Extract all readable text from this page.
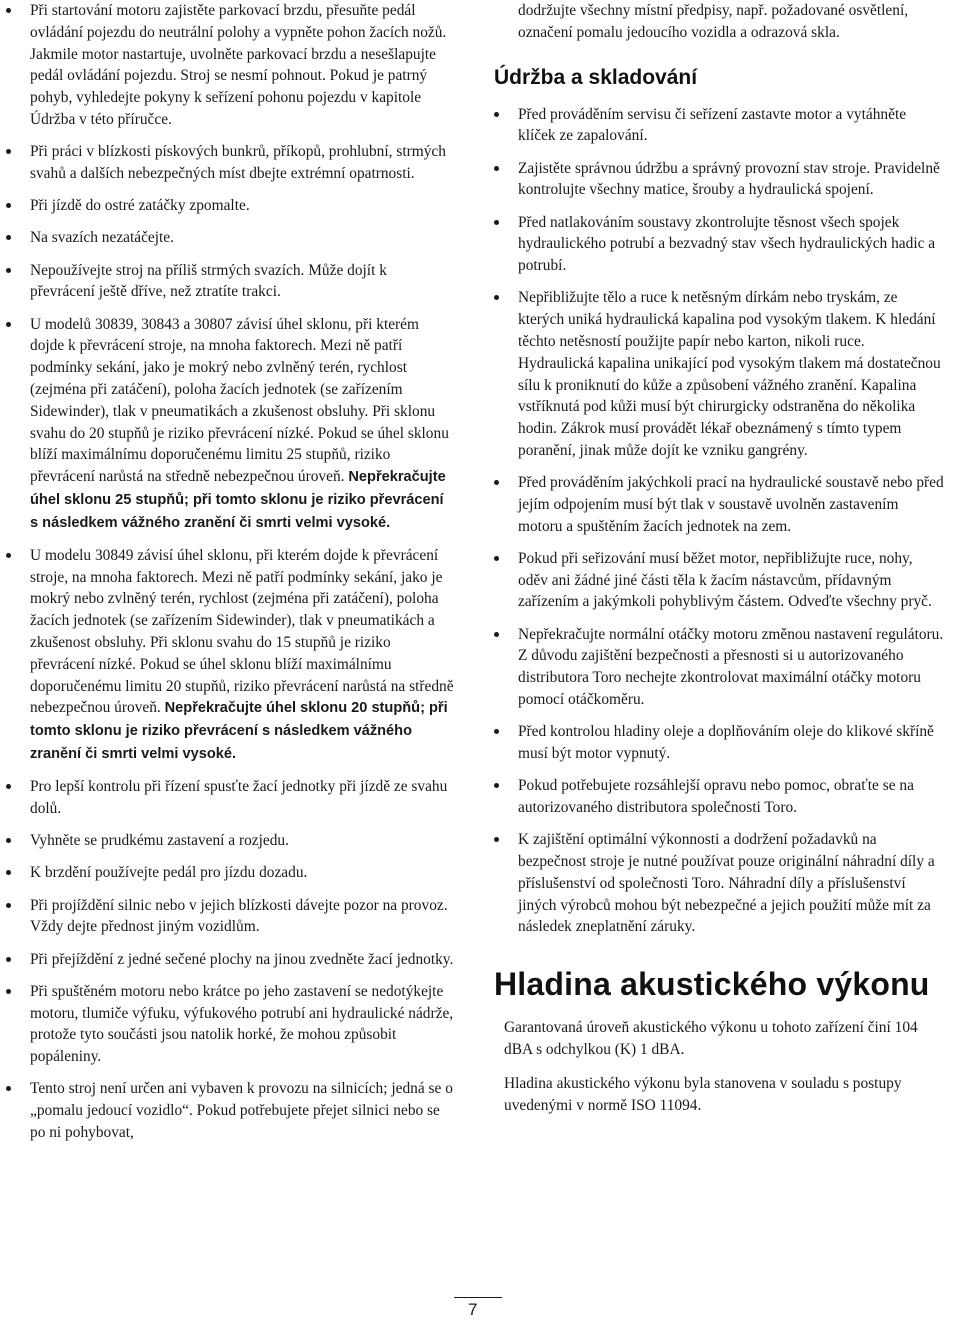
Při startování motoru zajistěte parkovací brzdu, přesuňte pedál ovládání pojezdu do neutrální polohy a vypněte pohon žacích nožů. Jakmile motor nastartuje, uvolněte parkovací brzdu a nesešlapujte pedál ovládání pojezdu. Stroj se nesmí pohnout. Pokud je patrný pohyb, vyhledejte pokyny k seřízení pohonu pojezdu v kapitole Údržba v této příručce.
Při práci v blízkosti pískových bunkrů, příkopů, prohlubní, strmých svahů a dalších nebezpečných míst dbejte extrémní opatrnosti.
Při jízdě do ostré zatáčky zpomalte.
Na svazích nezatáčejte.
Nepoužívejte stroj na příliš strmých svazích. Může dojít k převrácení ještě dříve, než ztratíte trakci.
U modelů 30839, 30843 a 30807 závisí úhel sklonu, při kterém dojde k převrácení stroje, na mnoha faktorech. Mezi ně patří podmínky sekání, jako je mokrý nebo zvlněný terén, rychlost (zejména při zatáčení), poloha žacích jednotek (se zařízením Sidewinder), tlak v pneumatikách a zkušenost obsluhy. Při sklonu svahu do 20 stupňů je riziko převrácení nízké. Pokud se úhel sklonu blíží maximálnímu doporučenému limitu 25 stupňů, riziko převrácení narůstá na středně nebezpečnou úroveň. Nepřekračujte úhel sklonu 25 stupňů; při tomto sklonu je riziko převrácení s následkem vážného zranění či smrti velmi vysoké.
U modelu 30849 závisí úhel sklonu, při kterém dojde k převrácení stroje, na mnoha faktorech. Mezi ně patří podmínky sekání, jako je mokrý nebo zvlněný terén, rychlost (zejména při zatáčení), poloha žacích jednotek (se zařízením Sidewinder), tlak v pneumatikách a zkušenost obsluhy. Při sklonu svahu do 15 stupňů je riziko převrácení nízké. Pokud se úhel sklonu blíží maximálnímu doporučenému limitu 20 stupňů, riziko převrácení narůstá na středně nebezpečnou úroveň. Nepřekračujte úhel sklonu 20 stupňů; při tomto sklonu je riziko převrácení s následkem vážného zranění či smrti velmi vysoké.
Pro lepší kontrolu při řízení spusťte žací jednotky při jízdě ze svahu dolů.
Vyhněte se prudkému zastavení a rozjedu.
K brzdění používejte pedál pro jízdu dozadu.
Při projíždění silnic nebo v jejich blízkosti dávejte pozor na provoz. Vždy dejte přednost jiným vozidlům.
Při přejíždění z jedné sečené plochy na jinou zvedněte žací jednotky.
Při spuštěném motoru nebo krátce po jeho zastavení se nedotýkejte motoru, tlumiče výfuku, výfukového potrubí ani hydraulické nádrže, protože tyto součásti jsou natolik horké, že mohou způsobit popáleniny.
Tento stroj není určen ani vybaven k provozu na silnicích; jedná se o „pomalu jedoucí vozidlo“. Pokud potřebujete přejet silnici nebo se po ni pohybovat,

dodržujte všechny místní předpisy, např. požadované osvětlení, označení pomalu jedoucího vozidla a odrazová skla.

Údržba a skladování
Před prováděním servisu či seřízení zastavte motor a vytáhněte klíček ze zapalování.
Zajistěte správnou údržbu a správný provozní stav stroje. Pravidelně kontrolujte všechny matice, šrouby a hydraulická spojení.
Před natlakováním soustavy zkontrolujte těsnost všech spojek hydraulického potrubí a bezvadný stav všech hydraulických hadic a potrubí.
Nepřibližujte tělo a ruce k netěsným dírkám nebo tryskám, ze kterých uniká hydraulická kapalina pod vysokým tlakem. K hledání těchto netěsností použijte papír nebo karton, nikoli ruce. Hydraulická kapalina unikající pod vysokým tlakem má dostatečnou sílu k proniknutí do kůže a způsobení vážného zranění. Kapalina vstříknutá pod kůži musí být chirurgicky odstraněna do několika hodin. Zákrok musí provádět lékař obeznámený s tímto typem poranění, jinak může dojít ke vzniku gangrény.
Před prováděním jakýchkoli prací na hydraulické soustavě nebo před jejím odpojením musí být tlak v soustavě uvolněn zastavením motoru a spuštěním žacích jednotek na zem.
Pokud při seřizování musí běžet motor, nepřibližujte ruce, nohy, oděv ani žádné jiné části těla k žacím nástavcům, přídavným zařízením a jakýmkoli pohyblivým částem. Odveďte všechny pryč.
Nepřekračujte normální otáčky motoru změnou nastavení regulátoru. Z důvodu zajištění bezpečnosti a přesnosti si u autorizovaného distributora Toro nechejte zkontrolovat maximální otáčky motoru pomocí otáčkoměru.
Před kontrolou hladiny oleje a doplňováním oleje do klikové skříně musí být motor vypnutý.
Pokud potřebujete rozsáhlejší opravu nebo pomoc, obraťte se na autorizovaného distributora společnosti Toro.
K zajištění optimální výkonnosti a dodržení požadavků na bezpečnost stroje je nutné používat pouze originální náhradní díly a příslušenství od společnosti Toro. Náhradní díly a příslušenství jiných výrobců mohou být nebezpečné a jejich použití může mít za následek zneplatnění záruky.
Hladina akustického výkonu

Garantovaná úroveň akustického výkonu u tohoto zařízení činí 104 dBA s odchylkou (K) 1 dBA.

Hladina akustického výkonu byla stanovena v souladu s postupy uvedenými v normě ISO 11094.

7
